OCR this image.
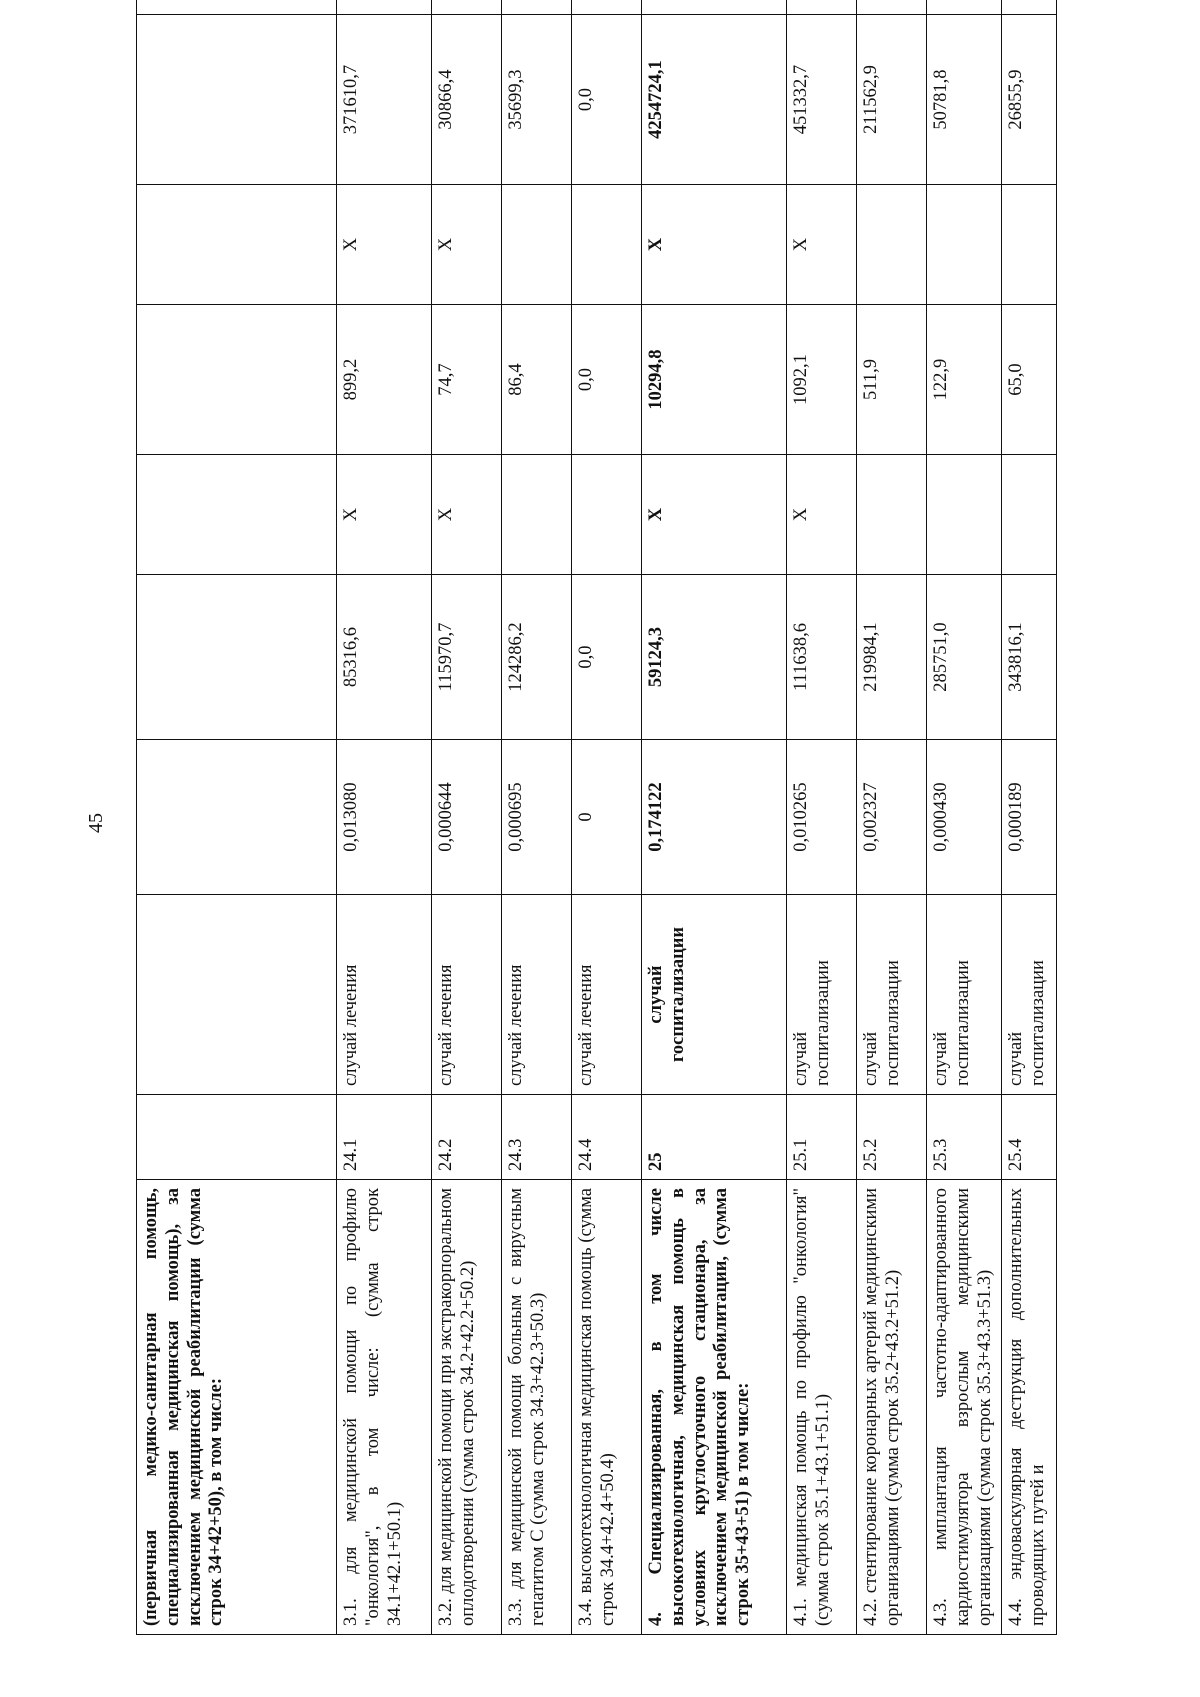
45
(первичная медико-санитарная помощь, специализированная медицинская помощь), за исключением медицинской реабилитации (сумма строк 34+42+50), в том числе:									
3.1. для медицинской помощи по профилю "онкология", в том числе: (сумма строк 34.1+42.1+50.1)	24.1	случай лечения	0,013080	85316,6	X	899,2	X	371610,7	
3.2. для медицинской помощи при экстракорпоральном оплодотворении (сумма строк 34.2+42.2+50.2)	24.2	случай лечения	0,000644	115970,7	X	74,7	X	30866,4	
3.3. для медицинской помощи больным с вирусным гепатитом С (сумма строк 34.3+42.3+50.3)	24.3	случай лечения	0,000695	124286,2		86,4		35699,3	
3.4. высокотехнологичная медицинская помощь (сумма строк 34.4+42.4+50.4)	24.4	случай лечения	0	0,0		0,0		0,0	
4. Специализированная, в том числе высокотехнологичная, медицинская помощь в условиях круглосуточного стационара, за исключением медицинской реабилитации, (сумма строк 35+43+51) в том числе:	25	случай госпитализации	0,174122	59124,3	X	10294,8	X	4254724,1	
4.1. медицинская помощь по профилю "онкология" (сумма строк 35.1+43.1+51.1)	25.1	случай госпитализации	0,010265	111638,6	X	1092,1	X	451332,7	
4.2. стентирование коронарных артерий медицинскими организациями (сумма строк 35.2+43.2+51.2)	25.2	случай госпитализации	0,002327	219984,1		511,9		211562,9	
4.3. имплантация частотно-адаптированного кардиостимулятора взрослым медицинскими организациями (сумма строк 35.3+43.3+51.3)	25.3	случай госпитализации	0,000430	285751,0		122,9		50781,8	
4.4. эндоваскулярная деструкция дополнительных проводящих путей и	25.4	случай госпитализации	0,000189	343816,1		65,0		26855,9	
